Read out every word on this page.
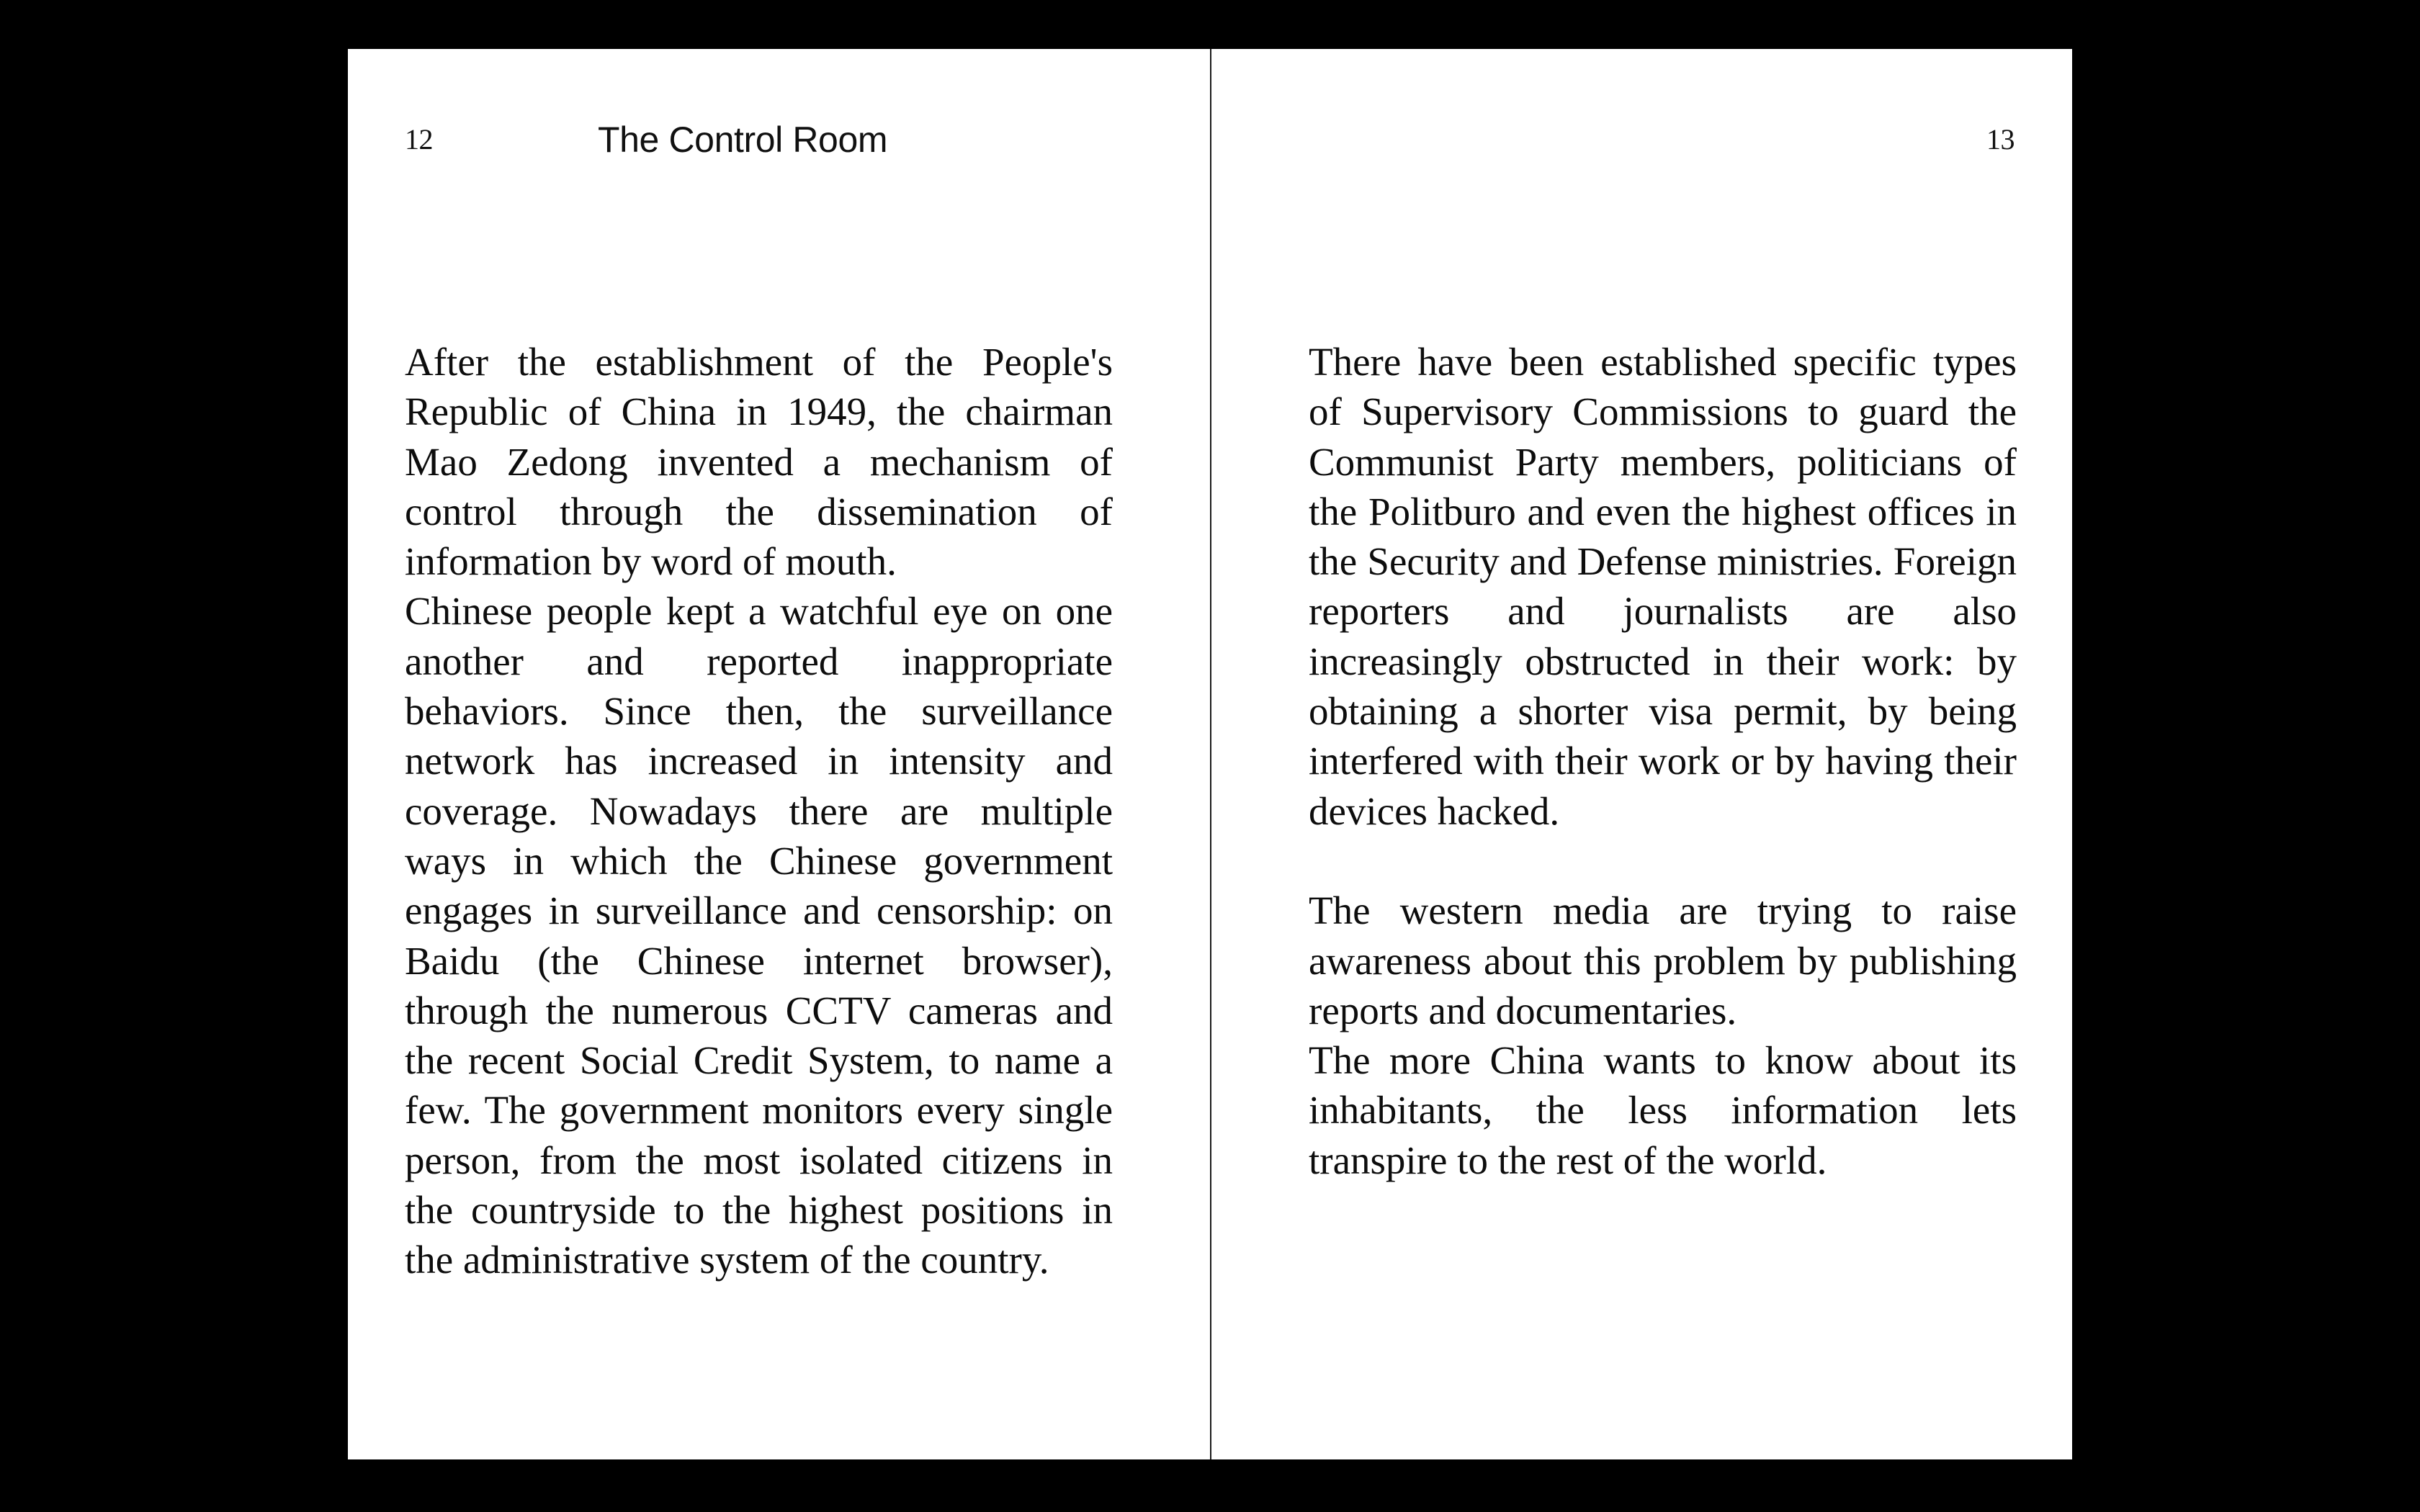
12	The Control Room

After the establishment of the People's Republic of China in 1949, the chairman Mao Zedong invented a mechanism of control through the dissemination of information by word of mouth.

Chinese people kept a watchful eye on one another and reported inappropriate behaviors. Since then, the surveillance network has increased in intensity and coverage. Nowadays there are multiple ways in which the Chinese government engages in surveillance and censorship: on Baidu (the Chinese internet browser), through the numerous CCTV cameras and the recent Social Credit System, to name a few. The government monitors every single person, from the most isolated citizens in the countryside to the highest positions in the administrative system of the country.

13

There have been established specific types of Supervisory Commissions to guard the Communist Party members, politicians of the Politburo and even the highest offices in the Security and Defense ministries. Foreign reporters and journalists are also increasingly obstructed in their work: by obtaining a shorter visa permit, by being interfered with their work or by having their devices hacked.

The western media are trying to raise awareness about this problem by publishing reports and documentaries.

The more China wants to know about its inhabitants, the less information lets transpire to the rest of the world.
